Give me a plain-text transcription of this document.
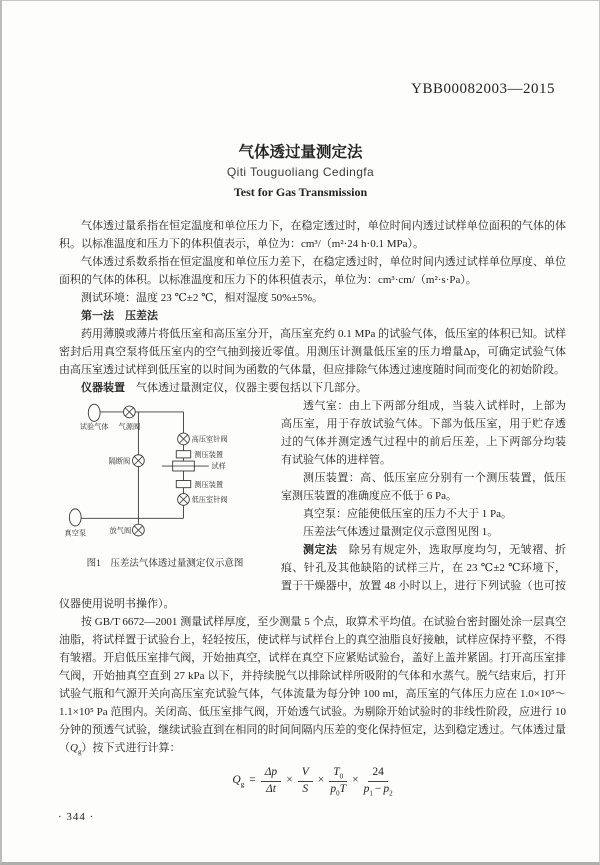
YBB00082003—2015
气体透过量测定法
Qiti Touguoliang Cedingfa
Test for Gas Transmission

气体透过量系指在恒定温度和单位压力下，在稳定透过时，单位时间内透过试样单位面积的气体的体积。以标准温度和压力下的体积值表示，单位为：cm³/（m²·24 h·0.1 MPa）。

气体透过系数系指在恒定温度和单位压力差下，在稳定透过时，单位时间内透过试样单位厚度、单位面积的气体的体积。以标准温度和压力下的体积值表示，单位为：cm³·cm/（m²·s·Pa）。

测试环境：温度 23 ℃±2 ℃，相对湿度 50%±5%。

第一法　压差法

药用薄膜或薄片将低压室和高压室分开，高压室充约 0.1 MPa 的试验气体，低压室的体积已知。试样密封后用真空泵将低压室内的空气抽到接近零值。用测压计测量低压室的压力增量Δp，可确定试验气体由高压室透过试样到低压室的以时间为函数的气体量，但应排除气体透过速度随时间而变化的初始阶段。

仪器装置　气体透过量测定仪，仪器主要包括以下几部分。

试验气体 气源阀
隔断阀
高压室针阀
测压装置
试样
测压装置
低压室针阀
放气阀
真空泵
图1　压差法气体透过量测定仪示意图

透气室：由上下两部分组成，当装入试样时，上部为高压室，用于存放试验气体。下部为低压室，用于贮存透过的气体并测定透气过程中的前后压差，上下两部分均装有试验气体的进样管。

测压装置：高、低压室应分别有一个测压装置，低压室测压装置的准确度应不低于 6 Pa。

真空泵：应能使低压室的压力不大于 1 Pa。

压差法气体透过量测定仪示意图见图 1。

测定法　除另有规定外，选取厚度均匀，无皱褶、折痕、针孔及其他缺陷的试样三片，在 23 ℃±2 ℃环境下，置于干燥器中，放置 48 小时以上，进行下列试验（也可按仪器使用说明书操作）。

按 GB/T 6672—2001 测量试样厚度，至少测量 5 个点，取算术平均值。在试验台密封圈处涂一层真空油脂，将试样置于试验台上，轻轻按压，使试样与试样台上的真空油脂良好接触，试样应保持平整，不得有皱褶。开启低压室排气阀，开始抽真空，试样在真空下应紧贴试验台，盖好上盖并紧固。打开高压室排气阀，开始抽真空直到 27 kPa 以下，并持续脱气以排除试样所吸附的气体和水蒸气。脱气结束后，打开试验气瓶和气源开关向高压室充试验气体，气体流量为每分钟 100 ml，高压室的气体压力应在 1.0×10⁵～1.1×10⁵ Pa 范围内。关闭高、低压室排气阀，开始透气试验。为剔除开始试验时的非线性阶段，应进行 10 分钟的预透气试验，继续试验直到在相同的时间间隔内压差的变化保持恒定，达到稳定透过。气体透过量$(Q_g)$按下式进行计算：

$Q_g = \frac{\Delta p}{\Delta t} \times \frac{V}{S} \times \frac{T_0}{p_0T} \times \frac{24}{p_1 - p_2}$
· 344 ·
